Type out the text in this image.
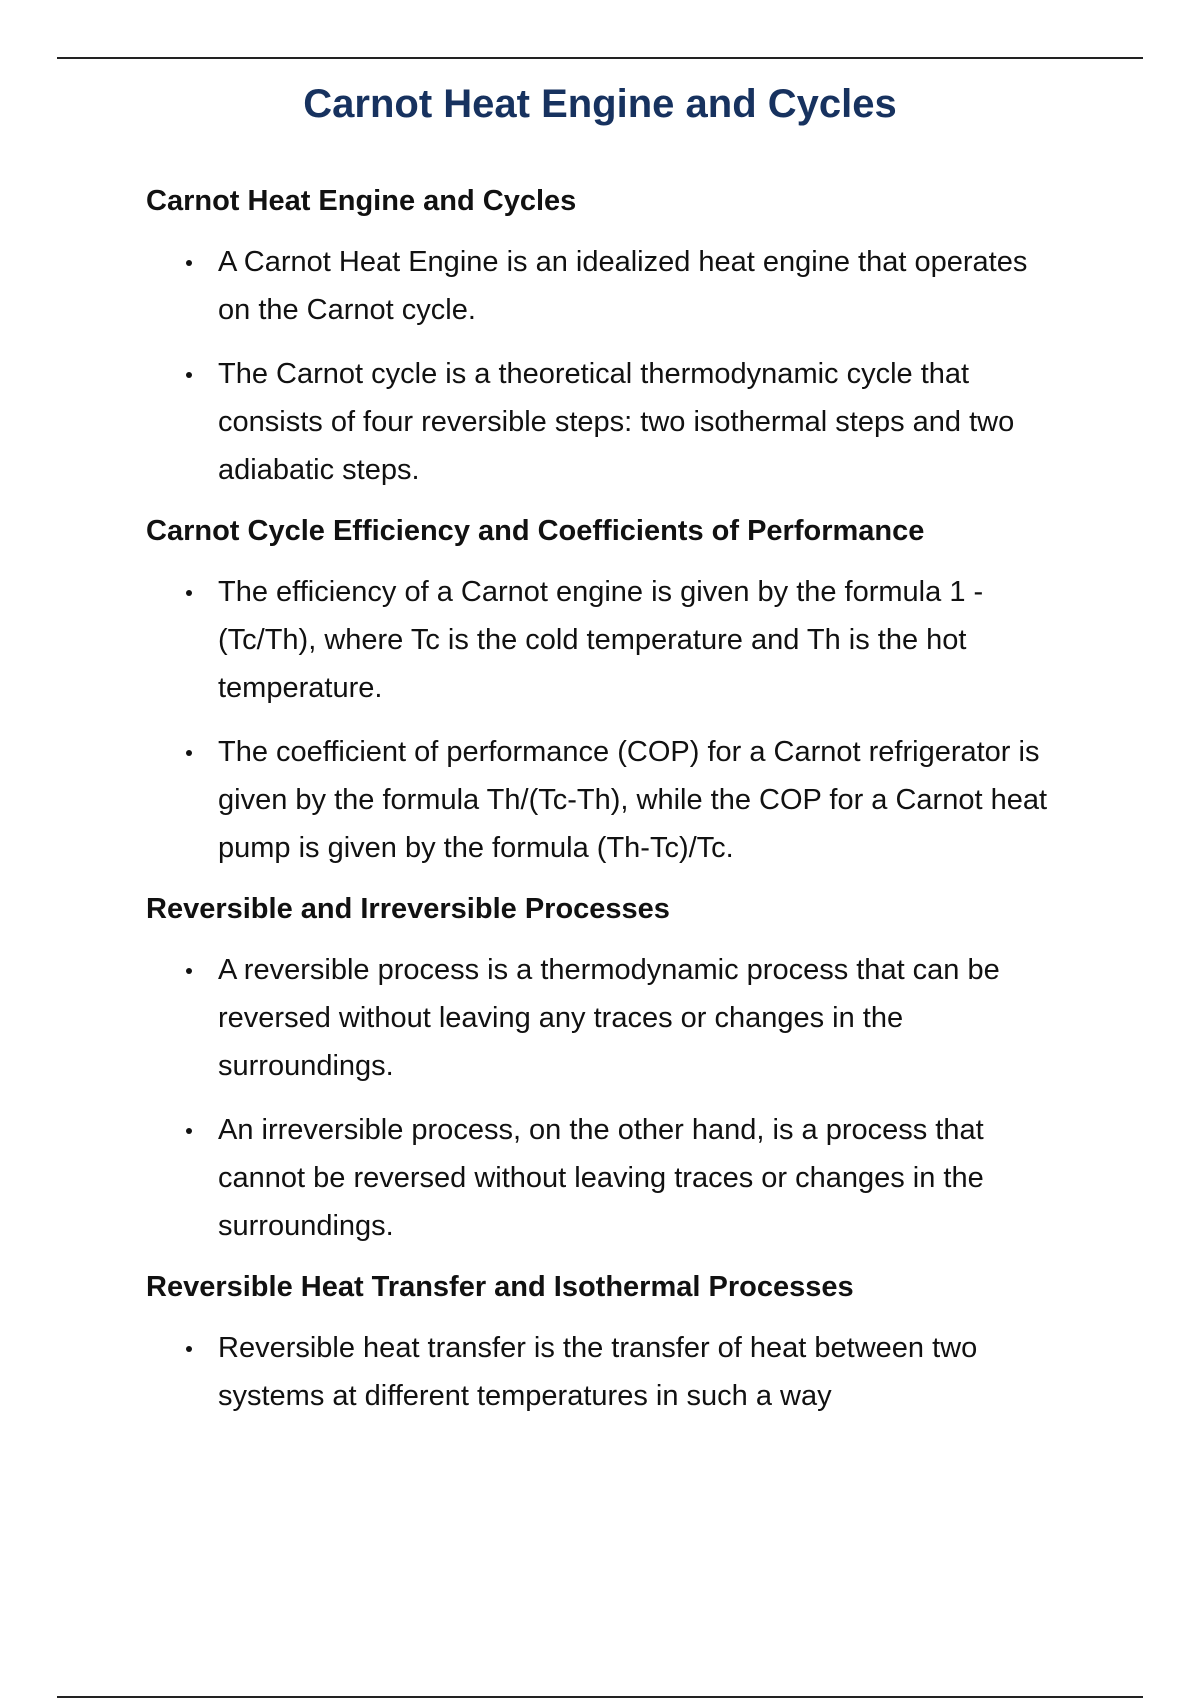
Carnot Heat Engine and Cycles
Carnot Heat Engine and Cycles
A Carnot Heat Engine is an idealized heat engine that operates on the Carnot cycle.
The Carnot cycle is a theoretical thermodynamic cycle that consists of four reversible steps: two isothermal steps and two adiabatic steps.
Carnot Cycle Efficiency and Coefficients of Performance
The efficiency of a Carnot engine is given by the formula 1 - (Tc/Th), where Tc is the cold temperature and Th is the hot temperature.
The coefficient of performance (COP) for a Carnot refrigerator is given by the formula Th/(Tc-Th), while the COP for a Carnot heat pump is given by the formula (Th-Tc)/Tc.
Reversible and Irreversible Processes
A reversible process is a thermodynamic process that can be reversed without leaving any traces or changes in the surroundings.
An irreversible process, on the other hand, is a process that cannot be reversed without leaving traces or changes in the surroundings.
Reversible Heat Transfer and Isothermal Processes
Reversible heat transfer is the transfer of heat between two systems at different temperatures in such a way
